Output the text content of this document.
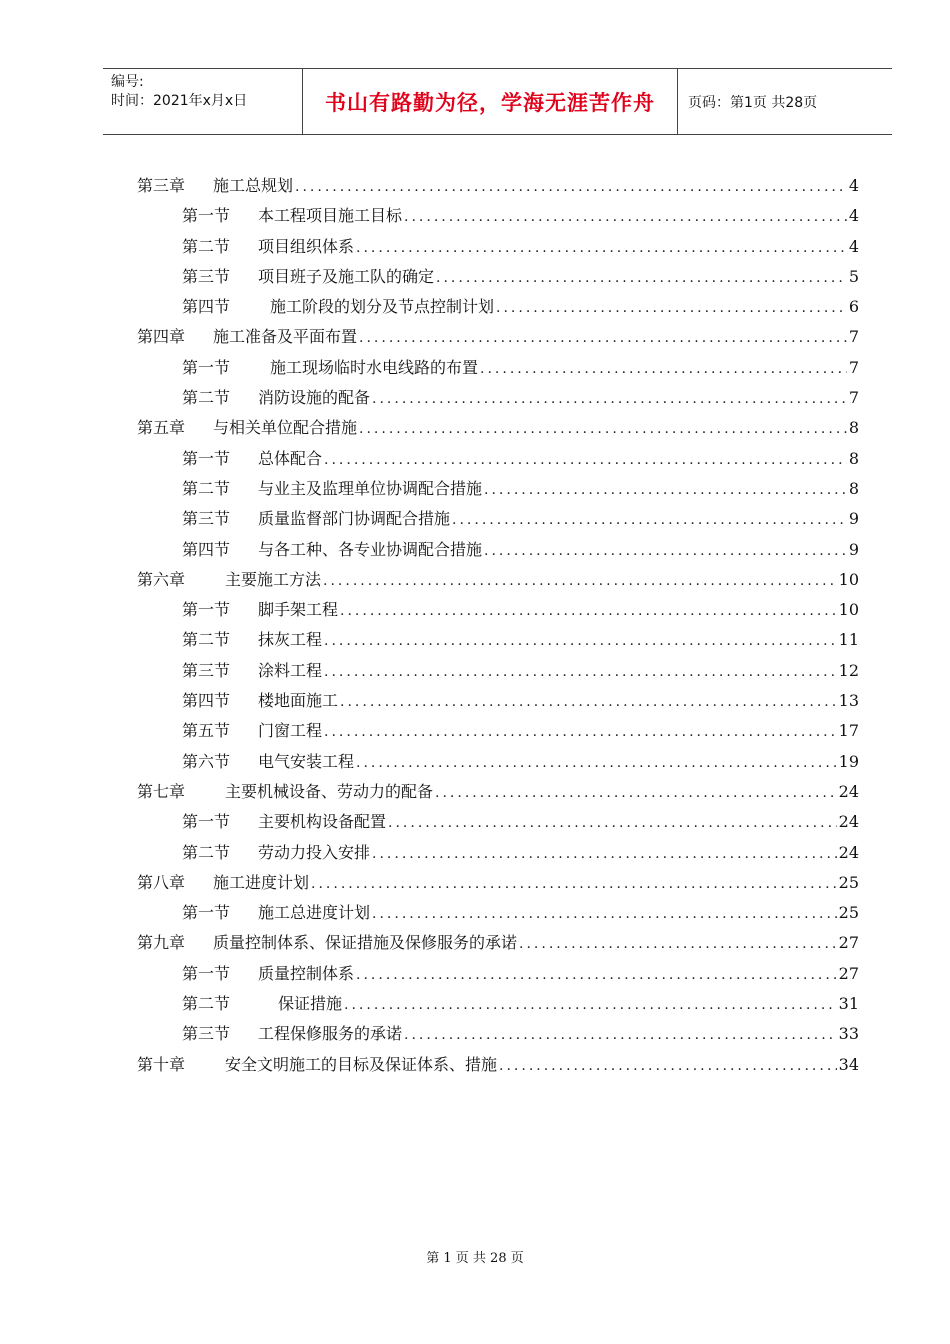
编号:
时间：2021年x月x日	书山有路勤为径，学海无涯苦作舟	页码：第1页 共28页
第三章	施工总规划 .....	4
第一节	本工程项目施工目标 .....	4
第二节	项目组织体系 .....	4
第三节	项目班子及施工队的确定 .....	5
第四节	施工阶段的划分及节点控制计划 .....	6
第四章	施工准备及平面布置 .....	7
第一节	施工现场临时水电线路的布置 .....	7
第二节	消防设施的配备 .....	7
第五章	与相关单位配合措施 .....	8
第一节	总体配合 .....	8
第二节	与业主及监理单位协调配合措施 .....	8
第三节	质量监督部门协调配合措施 .....	9
第四节	与各工种、各专业协调配合措施 .....	9
第六章	主要施工方法 .....	10
第一节	脚手架工程 .....	10
第二节	抹灰工程 .....	11
第三节	涂料工程 .....	12
第四节	楼地面施工 .....	13
第五节	门窗工程 .....	17
第六节	电气安装工程 .....	19
第七章	主要机械设备、劳动力的配备 .....	24
第一节	主要机构设备配置 .....	24
第二节	劳动力投入安排 .....	24
第八章	施工进度计划 .....	25
第一节	施工总进度计划 .....	25
第九章	质量控制体系、保证措施及保修服务的承诺 .....	27
第一节	质量控制体系 .....	27
第二节	保证措施 .....	31
第三节	工程保修服务的承诺 .....	33
第十章	安全文明施工的目标及保证体系、措施 .....	34
第 1 页 共 28 页
